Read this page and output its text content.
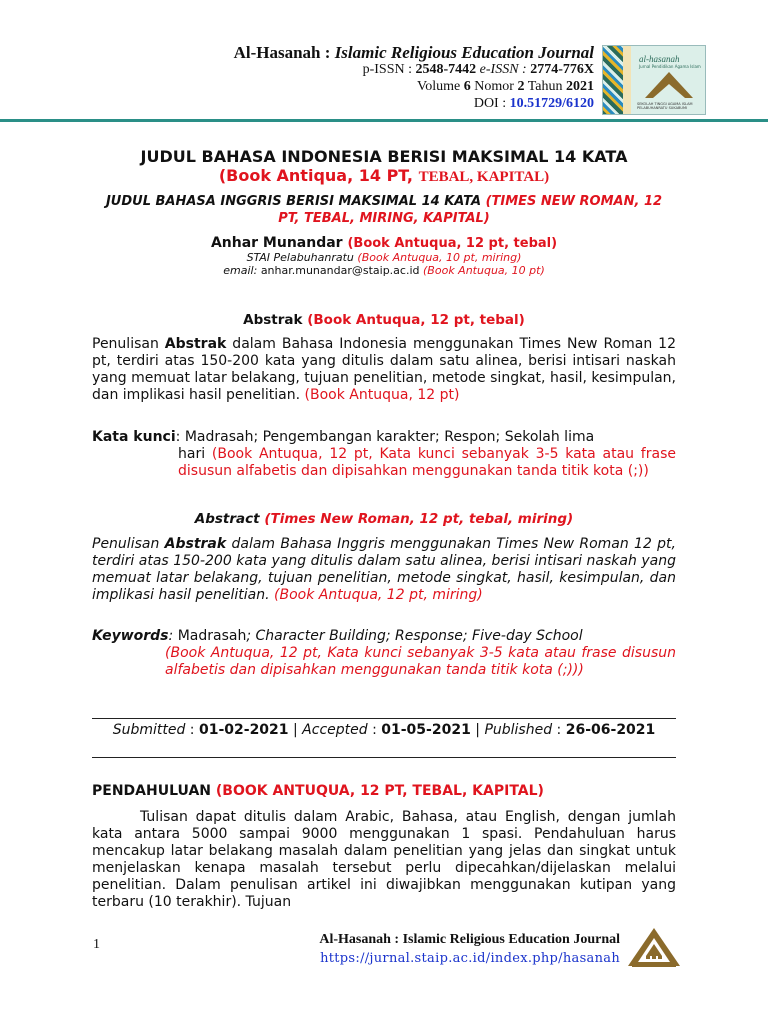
Al-Hasanah : Islamic Religious Education Journal
p-ISSN : 2548-7442 e-ISSN : 2774-776X
Volume 6 Nomor 2 Tahun 2021
DOI : 10.51729/6120
al-hasanah
Jurnal Pendidikan Agama Islam
SEKOLAH TINGGI AGAMA ISLAM PELABUHANRATU SUKABUMI
JUDUL BAHASA INDONESIA BERISI MAKSIMAL 14 KATA
(Book Antiqua, 14 PT, TEBAL, KAPITAL)
JUDUL BAHASA INGGRIS BERISI MAKSIMAL 14 KATA (TIMES NEW ROMAN, 12 PT, TEBAL, MIRING, KAPITAL)
Anhar Munandar (Book Antuqua, 12 pt, tebal)
STAI Pelabuhanratu (Book Antuqua, 10 pt, miring)
email: anhar.munandar@staip.ac.id (Book Antuqua, 10 pt)
Abstrak (Book Antuqua, 12 pt, tebal)
Penulisan Abstrak dalam Bahasa Indonesia menggunakan Times New Roman 12 pt, terdiri atas 150-200 kata yang ditulis dalam satu alinea, berisi intisari naskah yang memuat latar belakang, tujuan penelitian, metode singkat, hasil, kesimpulan, dan implikasi hasil penelitian. (Book Antuqua, 12 pt)
Kata kunci: Madrasah; Pengembangan karakter; Respon; Sekolah lima
hari (Book Antuqua, 12 pt, Kata kunci sebanyak 3-5 kata atau frase disusun alfabetis dan dipisahkan menggunakan tanda titik kota (;))
Abstract (Times New Roman, 12 pt, tebal, miring)
Penulisan Abstrak dalam Bahasa Inggris menggunakan Times New Roman 12 pt, terdiri atas 150-200 kata yang ditulis dalam satu alinea, berisi intisari naskah yang memuat latar belakang, tujuan penelitian, metode singkat, hasil, kesimpulan, dan implikasi hasil penelitian. (Book Antuqua, 12 pt, miring)
Keywords: Madrasah; Character Building; Response; Five-day School
(Book Antuqua, 12 pt, Kata kunci sebanyak 3-5 kata atau frase disusun alfabetis dan dipisahkan menggunakan tanda titik kota (;)))
Submitted : 01-02-2021 | Accepted : 01-05-2021 | Published : 26-06-2021
PENDAHULUAN (BOOK ANTUQUA, 12 PT, TEBAL, KAPITAL)
Tulisan dapat ditulis dalam Arabic, Bahasa, atau English, dengan jumlah kata antara 5000 sampai 9000 menggunakan 1 spasi. Pendahuluan harus mencakup latar belakang masalah dalam penelitian yang jelas dan singkat untuk menjelaskan kenapa masalah tersebut perlu dipecahkan/dijelaskan melalui penelitian. Dalam penulisan artikel ini diwajibkan menggunakan kutipan yang terbaru (10 terakhir). Tujuan
1	Al-Hasanah : Islamic Religious Education Journal
https://jurnal.staip.ac.id/index.php/hasanah
